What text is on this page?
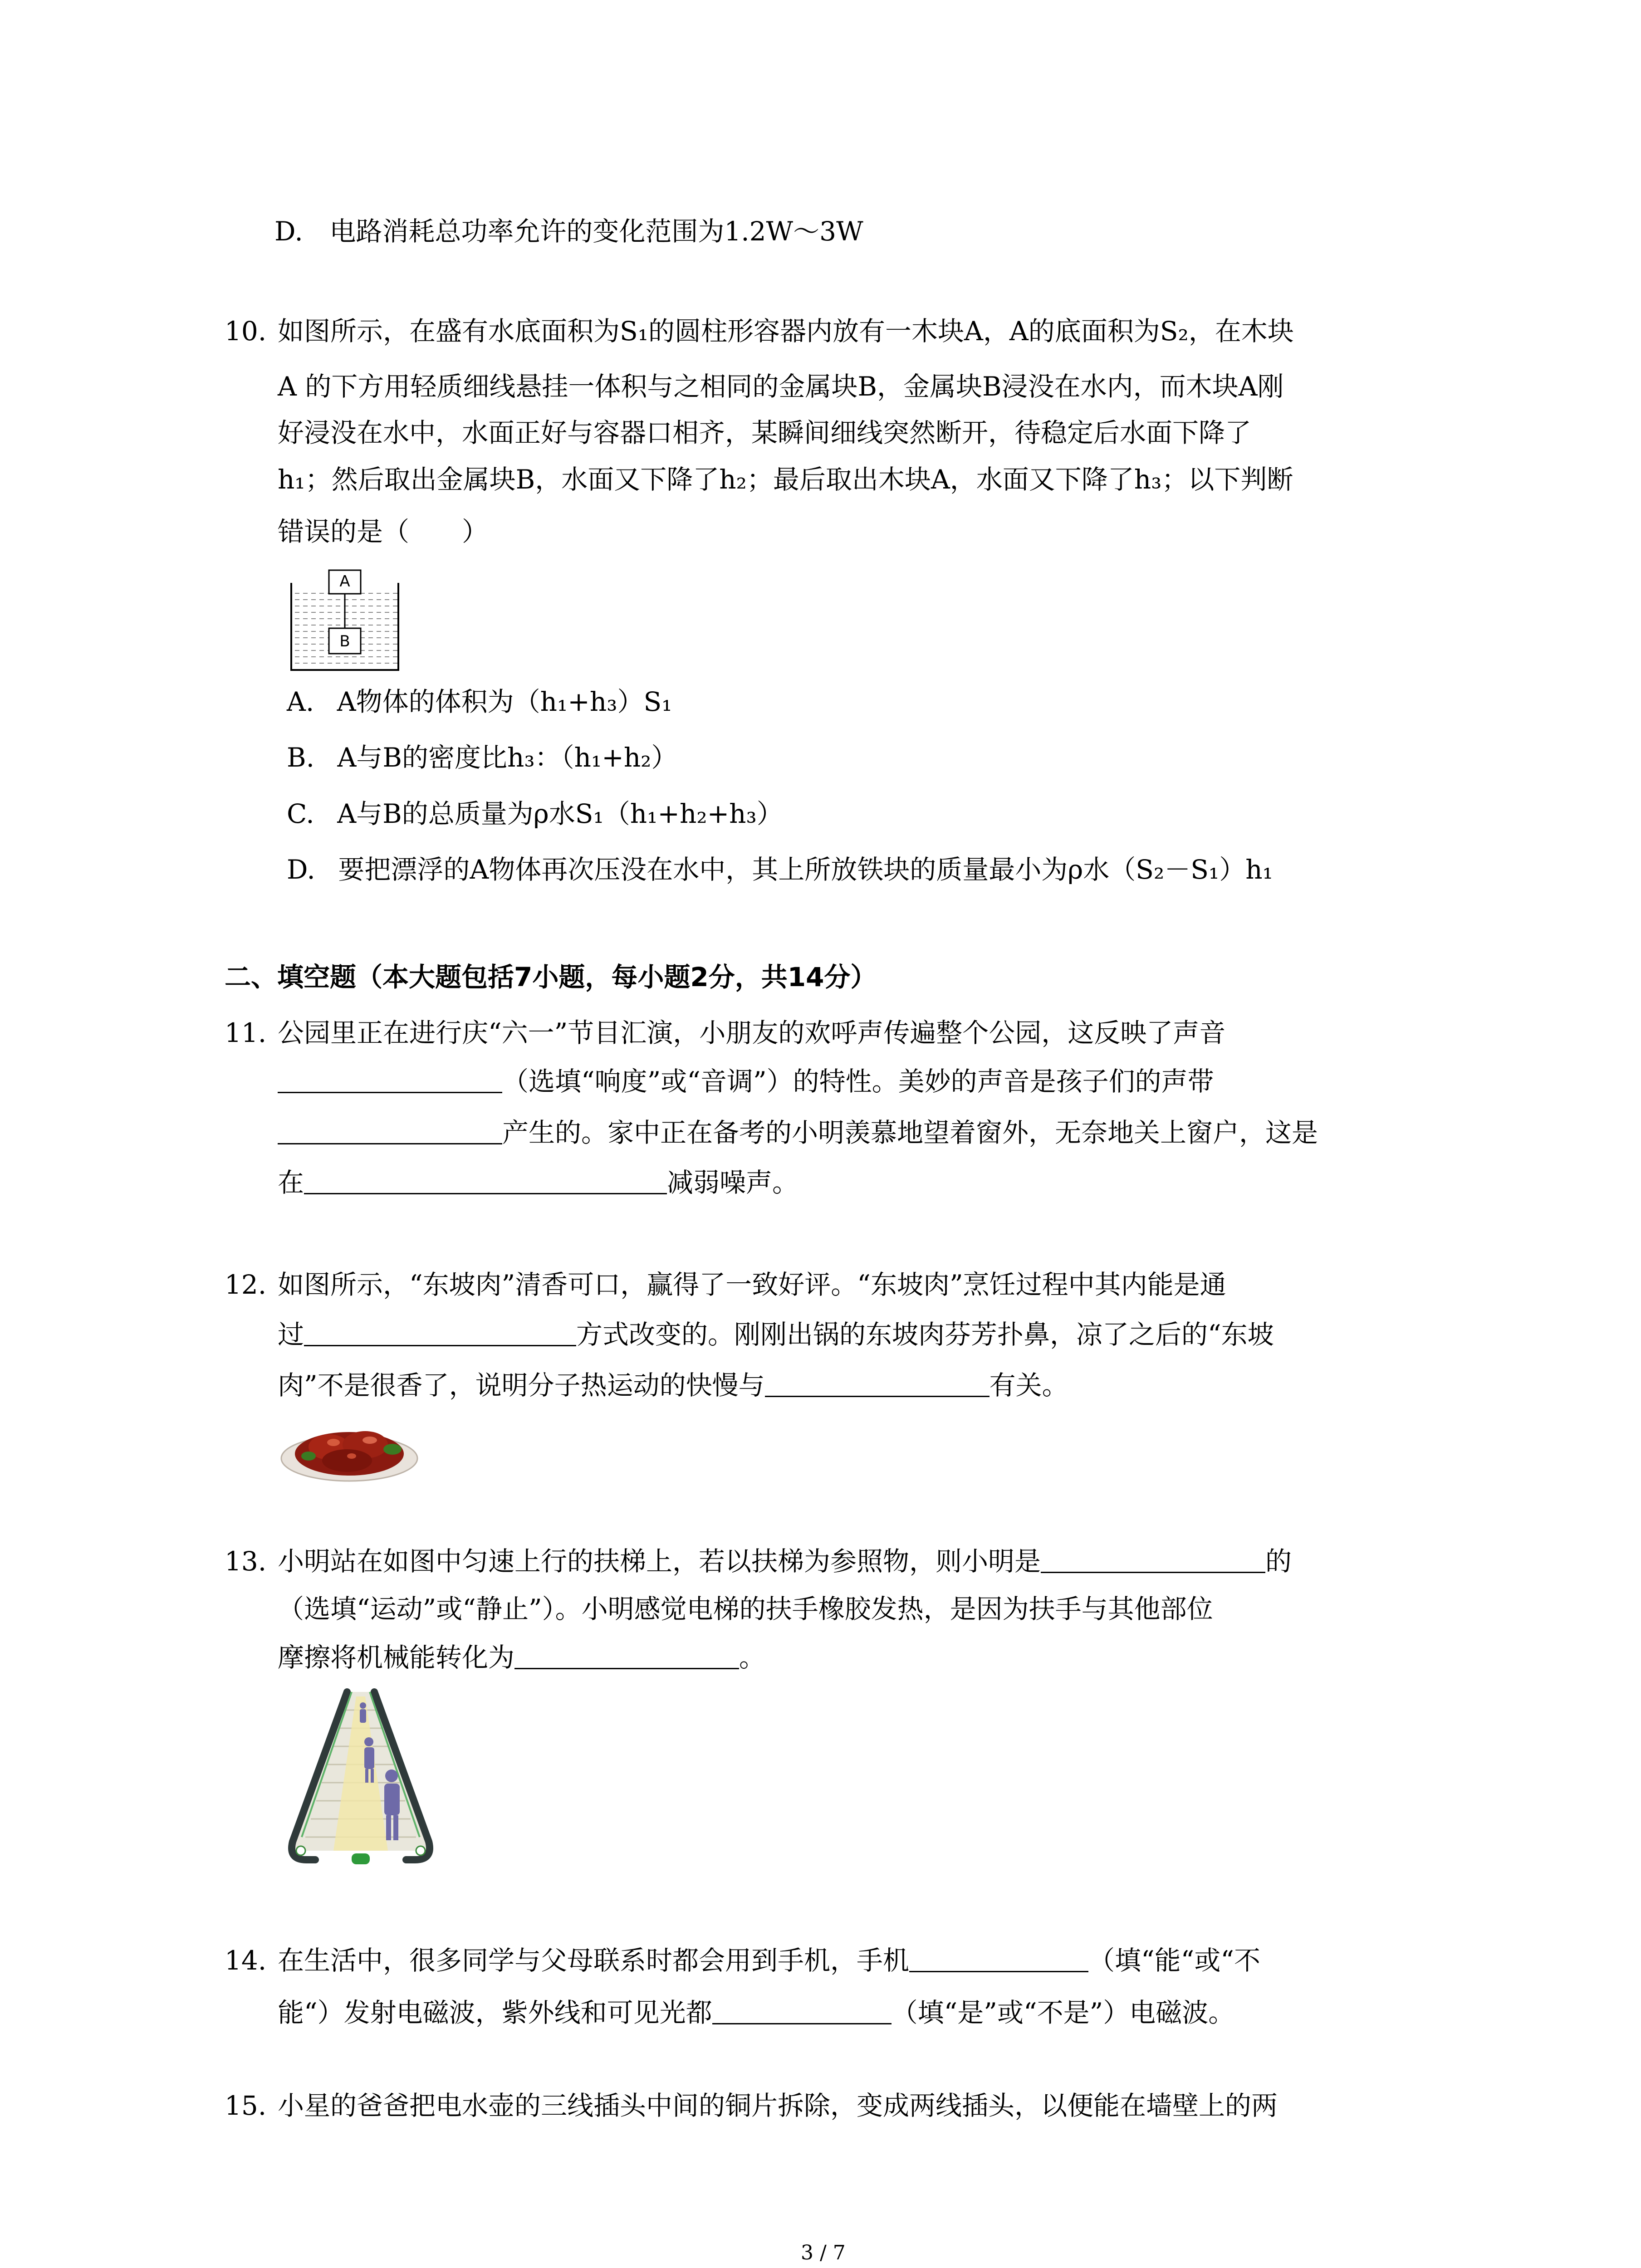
D. 电路消耗总功率允许的变化范围为1.2W～3W
10. 如图所示，在盛有水底面积为S₁的圆柱形容器内放有一木块A，A的底面积为S₂，在木块
A 的下方用轻质细线悬挂一体积与之相同的金属块B，金属块B浸没在水内，而木块A刚
好浸没在水中，水面正好与容器口相齐，某瞬间细线突然断开，待稳定后水面下降了
h₁；然后取出金属块B，水面又下降了h₂；最后取出木块A，水面又下降了h₃；以下判断
错误的是（　　）
A
B
A. A物体的体积为（h₁+h₃）S₁
B. A与B的密度比h₃：（h₁+h₂）
C. A与B的总质量为ρ水S₁（h₁+h₂+h₃）
D. 要把漂浮的A物体再次压没在水中，其上所放铁块的质量最小为ρ水（S₂－S₁）h₁
二、填空题（本大题包括7小题，每小题2分，共14分）
11. 公园里正在进行庆“六一”节目汇演，小朋友的欢呼声传遍整个公园，这反映了声音
（选填“响度”或“音调”）的特性。美妙的声音是孩子们的声带
产生的。家中正在备考的小明羡慕地望着窗外，无奈地关上窗户，这是
在	减弱噪声。
12. 如图所示，“东坡肉”清香可口，赢得了一致好评。“东坡肉”烹饪过程中其内能是通
过	方式改变的。刚刚出锅的东坡肉芬芳扑鼻，凉了之后的“东坡
肉”不是很香了，说明分子热运动的快慢与	有关。
13. 小明站在如图中匀速上行的扶梯上，若以扶梯为参照物，则小明是	的
（选填“运动”或“静止”）。小明感觉电梯的扶手橡胶发热，是因为扶手与其他部位
摩擦将机械能转化为	。
14. 在生活中，很多同学与父母联系时都会用到手机，手机	（填“能“或“不
能“）发射电磁波，紫外线和可见光都	（填“是”或“不是”）电磁波。
15. 小星的爸爸把电水壶的三线插头中间的铜片拆除，变成两线插头，以便能在墙壁上的两
3 / 7
